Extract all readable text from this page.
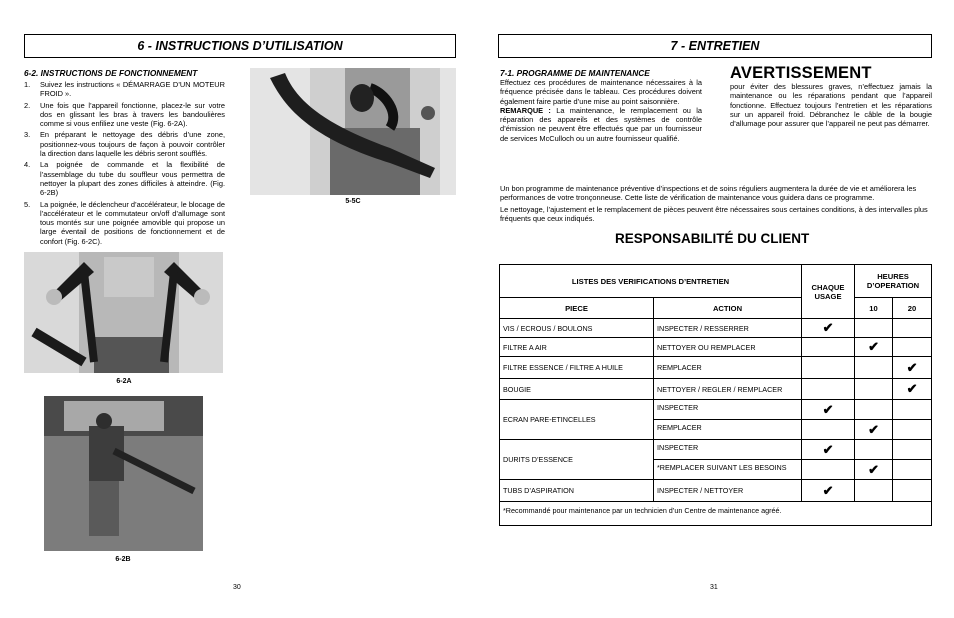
6 - INSTRUCTIONS D’UTILISATION
6-2. INSTRUCTIONS DE FONCTIONNEMENT
1. Suivez les instructions « DÉMARRAGE D’UN MOTEUR FROID ».
2. Une fois que l’appareil fonctionne, placez-le sur votre dos en glissant les bras à travers les bandoulières comme si vous enfiliez une veste (Fig. 6-2A).
3. En préparant le nettoyage des débris d’une zone, positionnez-vous toujours de façon à pouvoir contrôler la direction dans laquelle les débris seront soufflés.
4. La poignée de commande et la flexibilité de l’assemblage du tube du souffleur vous permettra de nettoyer la plupart des zones difficiles à atteindre. (Fig. 6-2B)
5. La poignée, le déclencheur d’accélérateur, le blocage de l’accélérateur et le commutateur on/off d’allumage sont tous montés sur une poignée amovible qui propose un large éventail de positions de fonctionnement et de confort (Fig. 6-2C).
5-5C
6-2A
6-2B
30
7 - ENTRETIEN
7-1. PROGRAMME DE MAINTENANCE
Effectuez ces procédures de maintenance nécessaires à la fréquence précisée dans le tableau. Ces procédures doivent également faire partie d’une mise au point saisonnière.
REMARQUE : La maintenance, le remplacement ou la réparation des appareils et des systèmes de contrôle d’émission ne peuvent être effectués que par un fournisseur de services McCulloch ou un autre fournisseur qualifié.
AVERTISSEMENT
pour éviter des blessures graves, n’effectuez jamais la maintenance ou les réparations pendant que l’appareil fonctionne. Effectuez toujours l’entretien et les réparations sur un appareil froid. Débranchez le câble de la bougie d’allumage pour assurer que l’appareil ne peut pas démarrer.
Un bon programme de maintenance préventive d’inspections et de soins réguliers augmentera la durée de vie et améliorera les performances de votre tronçonneuse. Cette liste de vérification de maintenance vous guidera dans ce programme.
Le nettoyage, l’ajustement et le remplacement de pièces peuvent être nécessaires sous certaines conditions, à des intervalles plus fréquents que ceux indiqués.
RESPONSABILITÉ DU CLIENT
LISTES DES VERIFICATIONS D’ENTRETIEN		CHAQUE USAGE	HEURES D’OPERATION	
PIECE	ACTION		10	20
VIS / ECROUS / BOULONS	INSPECTER / RESSERRER	✔		
FILTRE A AIR	NETTOYER OU REMPLACER		✔	
FILTRE ESSENCE / FILTRE A HUILE	REMPLACER			✔
BOUGIE	NETTOYER / REGLER / REMPLACER			✔
ECRAN PARE-ETINCELLES	INSPECTER	✔		
	REMPLACER		✔	
DURITS D’ESSENCE	INSPECTER	✔		
	*REMPLACER SUIVANT LES BESOINS		✔	
TUBS D’ASPIRATION	INSPECTER / NETTOYER	✔		
*Recommandé pour maintenance par un technicien d’un Centre de maintenance agréé.				
31
